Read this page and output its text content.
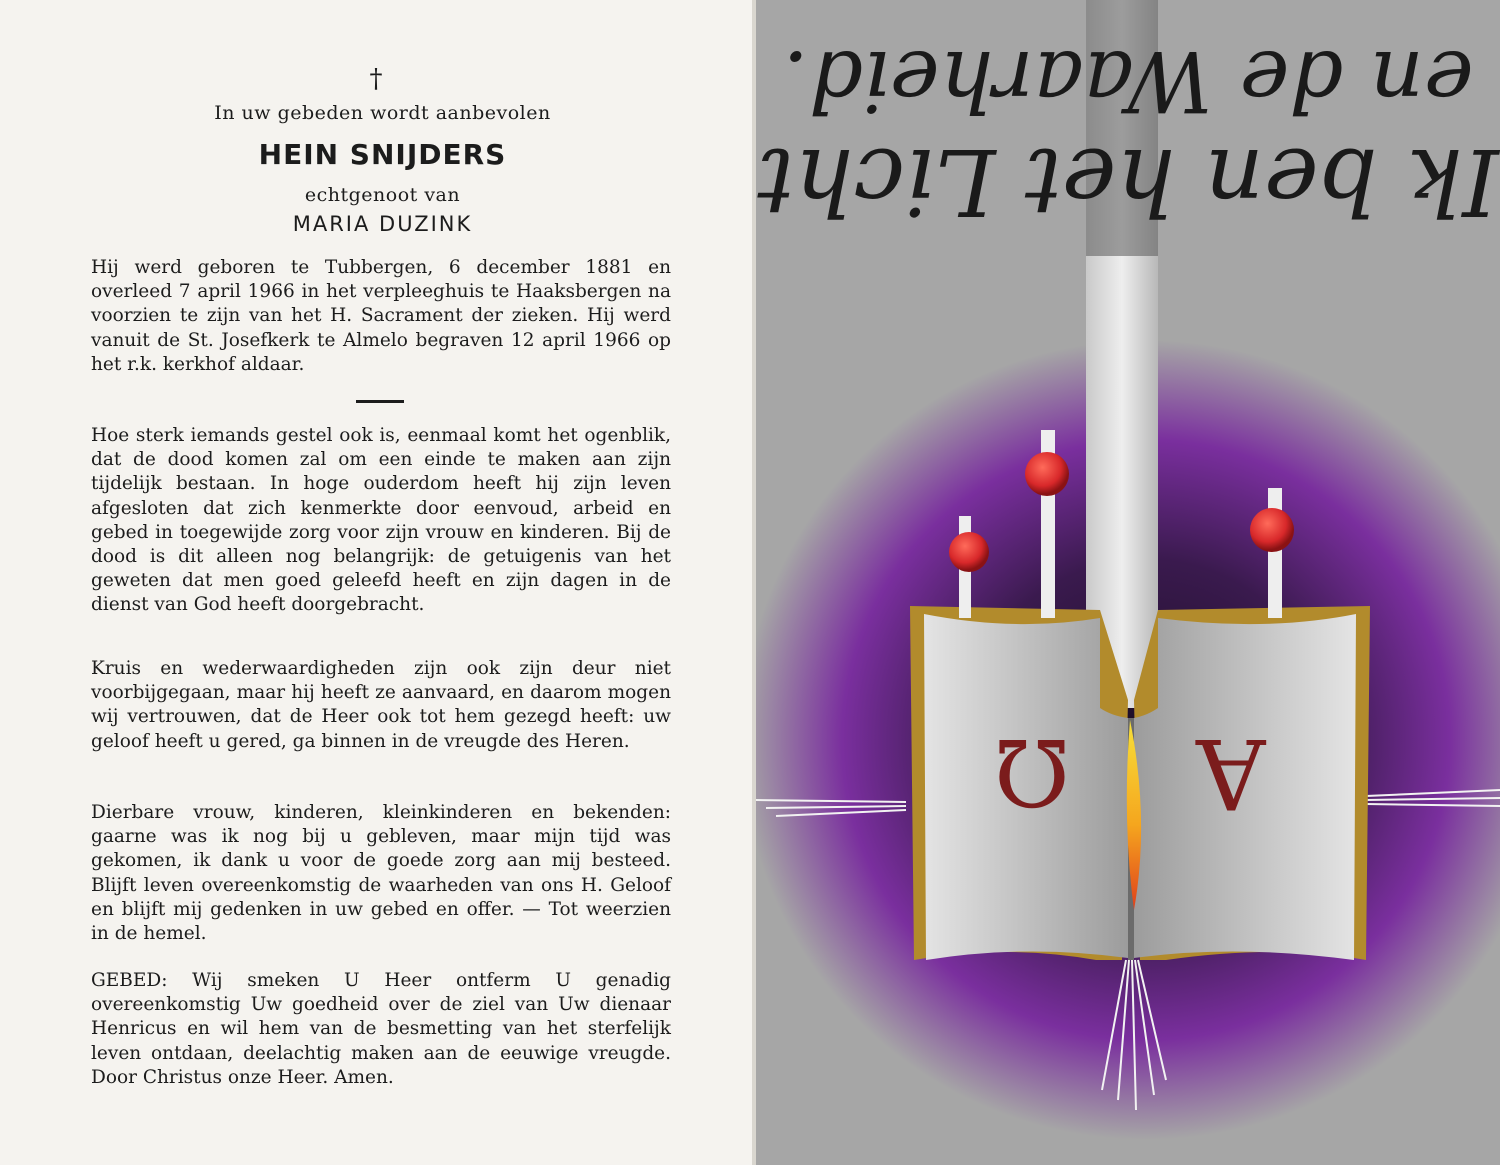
†
In uw gebeden wordt aanbevolen
HEIN SNIJDERS
echtgenoot van
MARIA DUZINK

Hij werd geboren te Tubbergen, 6 december 1881 en overleed 7 april 1966 in het verpleeghuis te Haaksbergen na voorzien te zijn van het H. Sacrament der zieken. Hij werd vanuit de St. Josefkerk te Almelo begraven 12 april 1966 op het r.k. kerkhof aldaar.

Hoe sterk iemands gestel ook is, eenmaal komt het ogenblik, dat de dood komen zal om een einde te maken aan zijn tijdelijk bestaan. In hoge ouderdom heeft hij zijn leven afgesloten dat zich kenmerkte door eenvoud, arbeid en gebed in toegewijde zorg voor zijn vrouw en kinderen. Bij de dood is dit alleen nog belangrijk: de getuigenis van het geweten dat men goed geleefd heeft en zijn dagen in de dienst van God heeft doorgebracht.

Kruis en wederwaardigheden zijn ook zijn deur niet voorbijgegaan, maar hij heeft ze aanvaard, en daarom mogen wij vertrouwen, dat de Heer ook tot hem gezegd heeft: uw geloof heeft u gered, ga binnen in de vreugde des Heren.

Dierbare vrouw, kinderen, kleinkinderen en bekenden: gaarne was ik nog bij u gebleven, maar mijn tijd was gekomen, ik dank u voor de goede zorg aan mij besteed. Blijft leven overeenkomstig de waarheden van ons H. Geloof en blijft mij gedenken in uw gebed en offer. — Tot weerzien in de hemel.

GEBED: Wij smeken U Heer ontferm U genadig overeenkomstig Uw goedheid over de ziel van Uw dienaar Henricus en wil hem van de besmetting van het sterfelijk leven ontdaan, deelachtig maken aan de eeuwige vreugde. Door Christus onze Heer. Amen.

Ω A
Ik ben het Licht
en de Waarheid.
